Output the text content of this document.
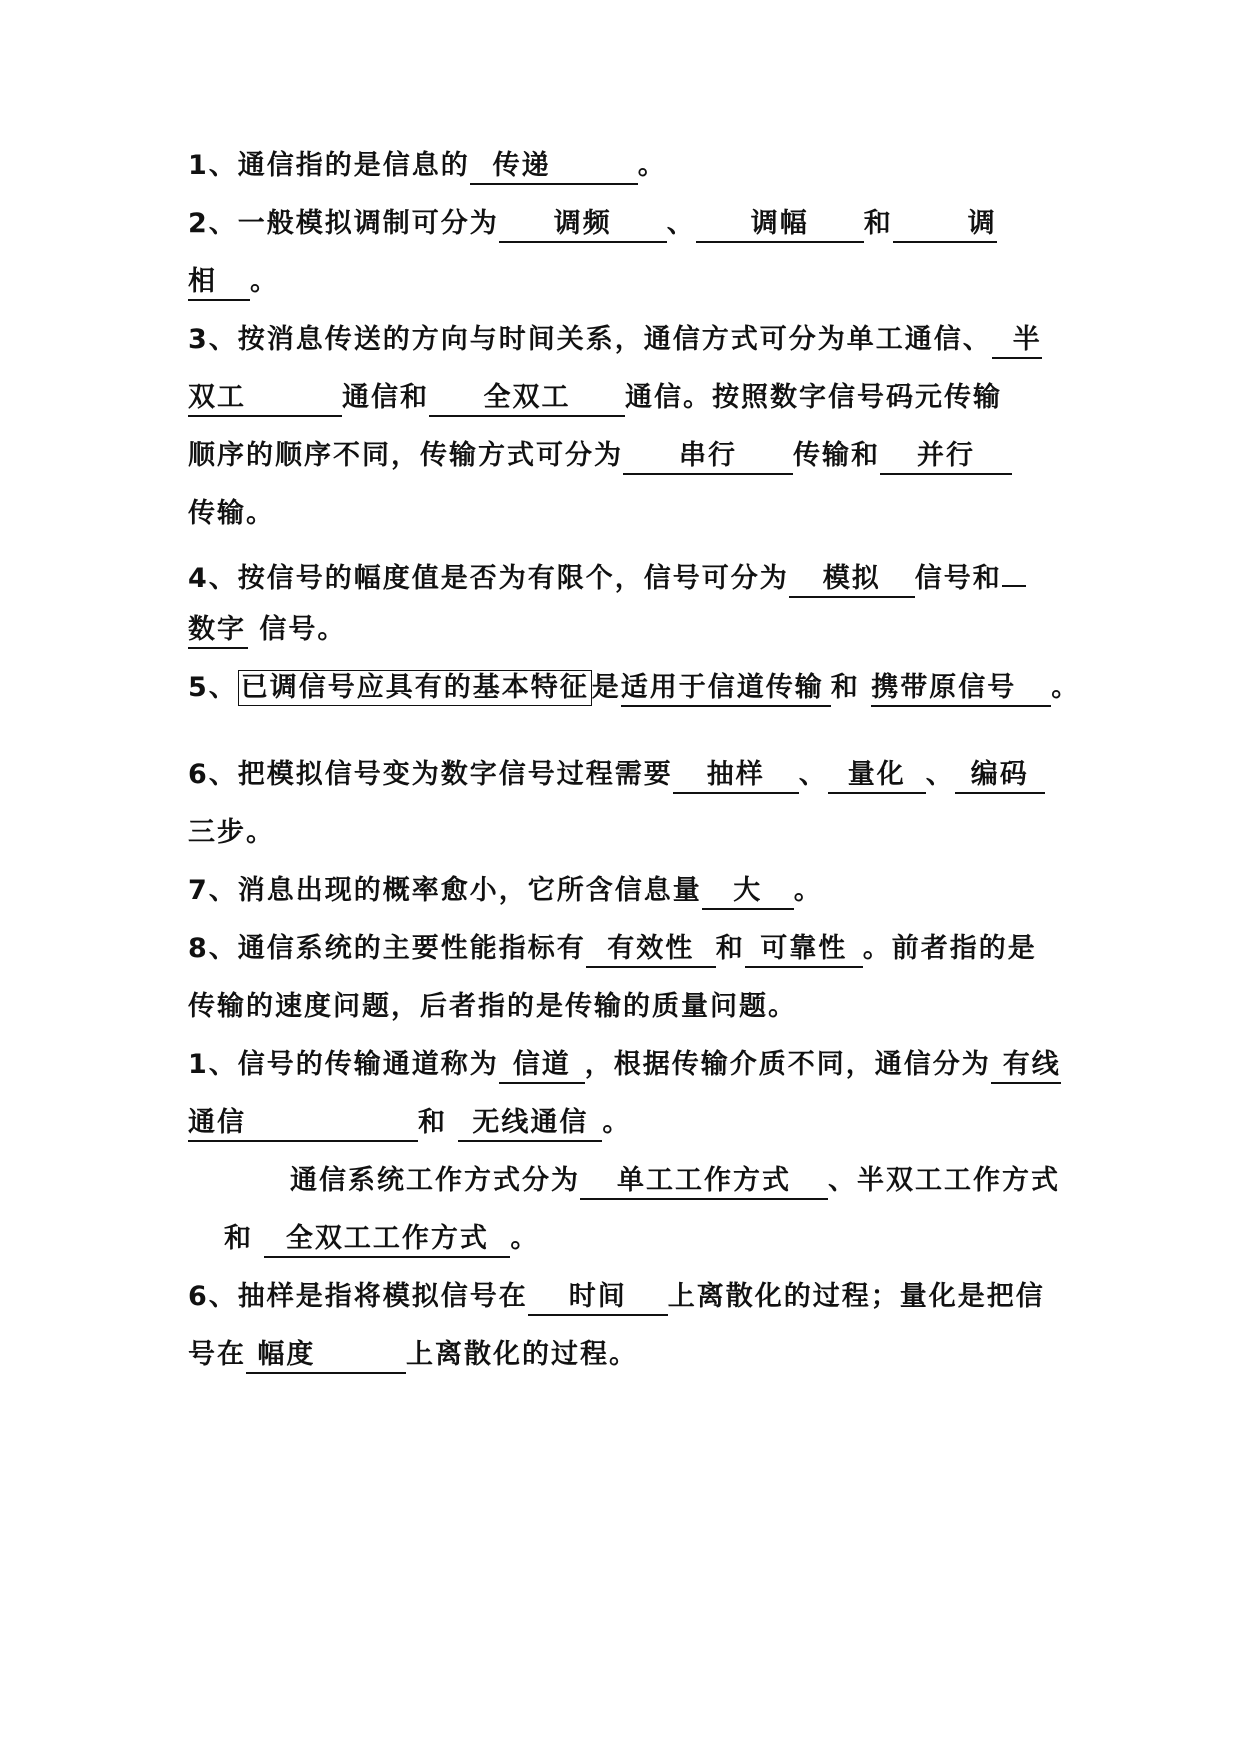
1、通信指的是信息的 传递	。
2、一般模拟调制可分为 调频 、 调幅 和	调
相 。
3、按消息传送的方向与时间关系，通信方式可分为单工通信、 半
双工	通信和 全双工 通信。按照数字信号码元传输
顺序的顺序不同，传输方式可分为 串行 传输和 并行
传输。
4、按信号的幅度值是否为有限个，信号可分为 模拟 信号和
数字 信号。
5、 已调信号应具有的基本特征 是适用于信道传输 和 携带原信号 。
6、把模拟信号变为数字信号过程需要 抽样 、 量化 、 编码
三步。
7、消息出现的概率愈小，它所含信息量 大 。
8、通信系统的主要性能指标有 有效性 和 可靠性 。前者指的是
传输的速度问题，后者指的是传输的质量问题。
1、信号的传输通道称为 信道 ，根据传输介质不同，通信分为 有线
通信	和 无线通信 。
通信系统工作方式分为 单工工作方式 、半双工工作方式
和 全双工工作方式 。
6、抽样是指将模拟信号在 时间 上离散化的过程；量化是把信
号在 幅度	上离散化的过程。
